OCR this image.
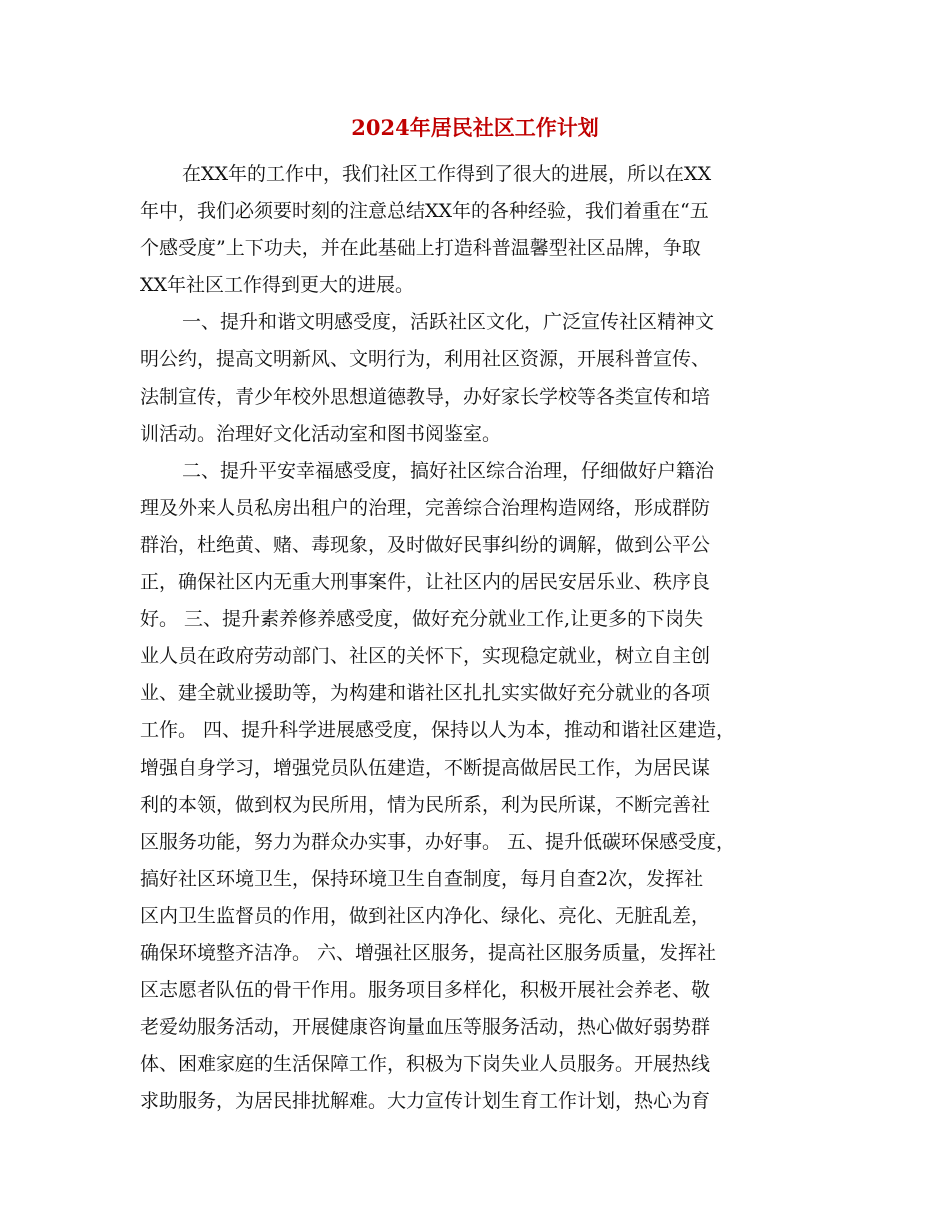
2024年居民社区工作计划
在XX年的工作中，我们社区工作得到了很大的进展，所以在XX
年中，我们必须要时刻的注意总结XX年的各种经验，我们着重在“五
个感受度”上下功夫，并在此基础上打造科普温馨型社区品牌，争取
XX年社区工作得到更大的进展。
一、提升和谐文明感受度，活跃社区文化，广泛宣传社区精神文
明公约，提高文明新风、文明行为，利用社区资源，开展科普宣传、
法制宣传，青少年校外思想道德教导，办好家长学校等各类宣传和培
训活动。治理好文化活动室和图书阅鉴室。
二、提升平安幸福感受度，搞好社区综合治理，仔细做好户籍治
理及外来人员私房出租户的治理，完善综合治理构造网络，形成群防
群治，杜绝黄、赌、毒现象，及时做好民事纠纷的调解，做到公平公
正，确保社区内无重大刑事案件，让社区内的居民安居乐业、秩序良
好。 三、提升素养修养感受度，做好充分就业工作,让更多的下岗失
业人员在政府劳动部门、社区的关怀下，实现稳定就业，树立自主创
业、建全就业援助等，为构建和谐社区扎扎实实做好充分就业的各项
工作。 四、提升科学进展感受度，保持以人为本，推动和谐社区建造，
增强自身学习，增强党员队伍建造，不断提高做居民工作，为居民谋
利的本领，做到权为民所用，情为民所系，利为民所谋，不断完善社
区服务功能，努力为群众办实事，办好事。 五、提升低碳环保感受度，
搞好社区环境卫生，保持环境卫生自查制度，每月自查2次，发挥社
区内卫生监督员的作用，做到社区内净化、绿化、亮化、无脏乱差，
确保环境整齐洁净。 六、增强社区服务，提高社区服务质量，发挥社
区志愿者队伍的骨干作用。服务项目多样化，积极开展社会养老、敬
老爱幼服务活动，开展健康咨询量血压等服务活动，热心做好弱势群
体、困难家庭的生活保障工作，积极为下岗失业人员服务。开展热线
求助服务，为居民排扰解难。大力宣传计划生育工作计划，热心为育
